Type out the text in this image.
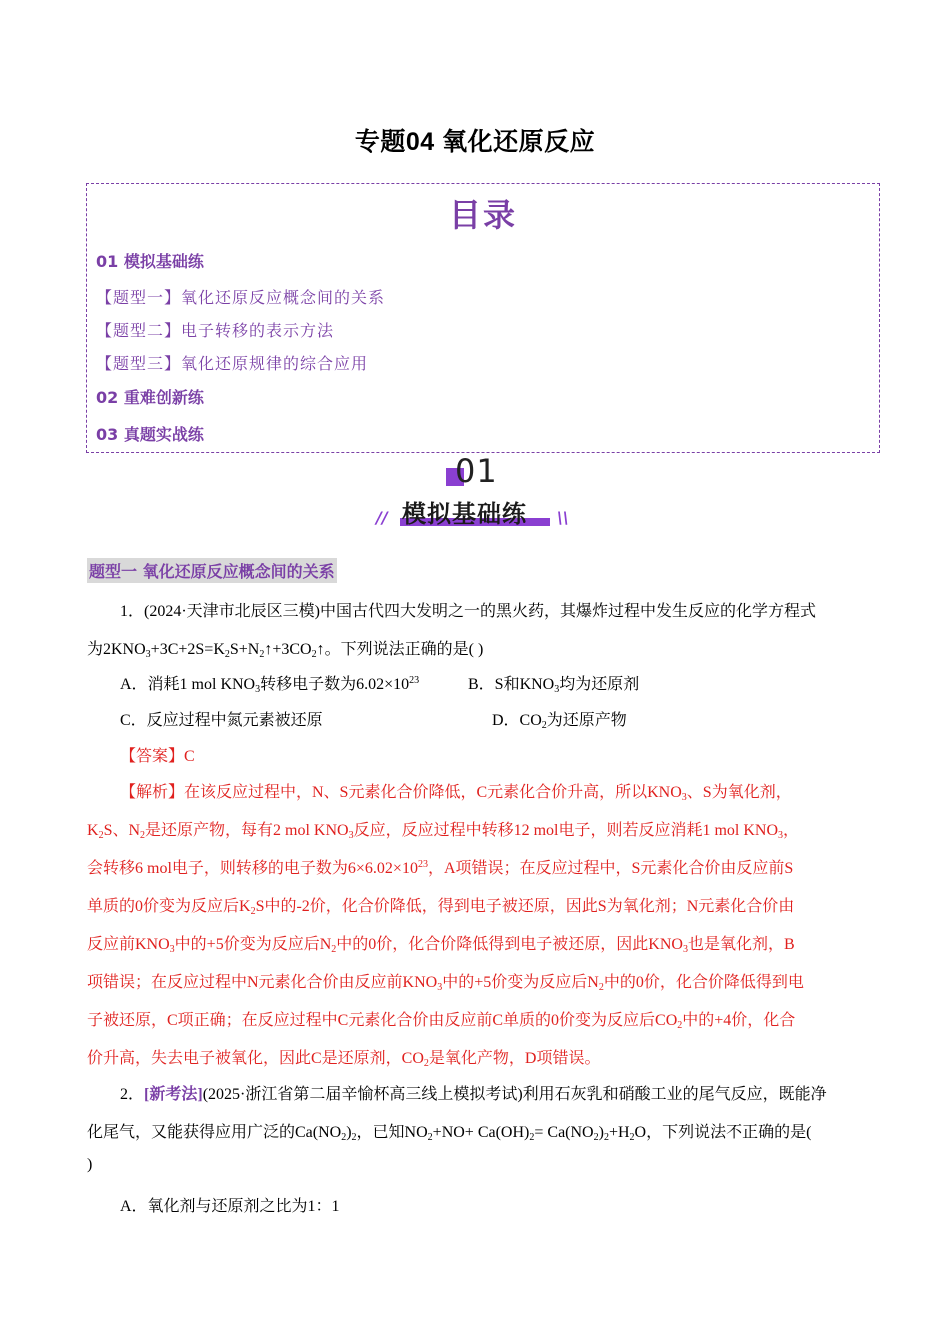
专题04 氧化还原反应
目录
01 模拟基础练
【题型一】氧化还原反应概念间的关系
【题型二】电子转移的表示方法
【题型三】氧化还原规律的综合应用
02 重难创新练
03 真题实战练
01
模拟基础练
//	\\
题型一 氧化还原反应概念间的关系
1．(2024·天津市北辰区三模)中国古代四大发明之一的黑火药，其爆炸过程中发生反应的化学方程式
为$2KNO_3+3C+2S=K_2S+N_2↑+3CO_2↑$。下列说法正确的是( )
A．消耗1 mol $KNO_3$转移电子数为$6.02\times 10^{23}$	B．S和$KNO_3$均为还原剂
C．反应过程中氮元素被还原	D．$CO_2$为还原产物
【答案】C
【解析】在该反应过程中，N、S元素化合价降低，C元素化合价升高，所以$KNO_3$、S为氧化剂，
$K_2S$、$N_2$是还原产物，每有2 mol $KNO_3$反应，反应过程中转移12 mol电子，则若反应消耗1 mol $KNO_3$，
会转移6 mol电子，则转移的电子数为$6\times 6.02\times 10^{23}$，A项错误；在反应过程中，S元素化合价由反应前S
单质的0价变为反应后$K_2S$中的-2价，化合价降低，得到电子被还原，因此S为氧化剂；N元素化合价由
反应前$KNO_3$中的+5价变为反应后$N_2$中的0价，化合价降低得到电子被还原，因此$KNO_3$也是氧化剂，B
项错误；在反应过程中N元素化合价由反应前$KNO_3$中的+5价变为反应后$N_2$中的0价，化合价降低得到电
子被还原，C项正确；在反应过程中C元素化合价由反应前C单质的0价变为反应后$CO_2$中的+4价，化合
价升高，失去电子被氧化，因此C是还原剂，$CO_2$是氧化产物，D项错误。
2．[新考法](2025·浙江省第二届辛愉杯高三线上模拟考试)利用石灰乳和硝酸工业的尾气反应，既能净
化尾气，又能获得应用广泛的$Ca(NO_2)_2$，已知$NO_2+NO+ Ca(OH)_2= Ca(NO_2)_2+H_2O$，下列说法不正确的是(
)
A．氧化剂与还原剂之比为1：1
